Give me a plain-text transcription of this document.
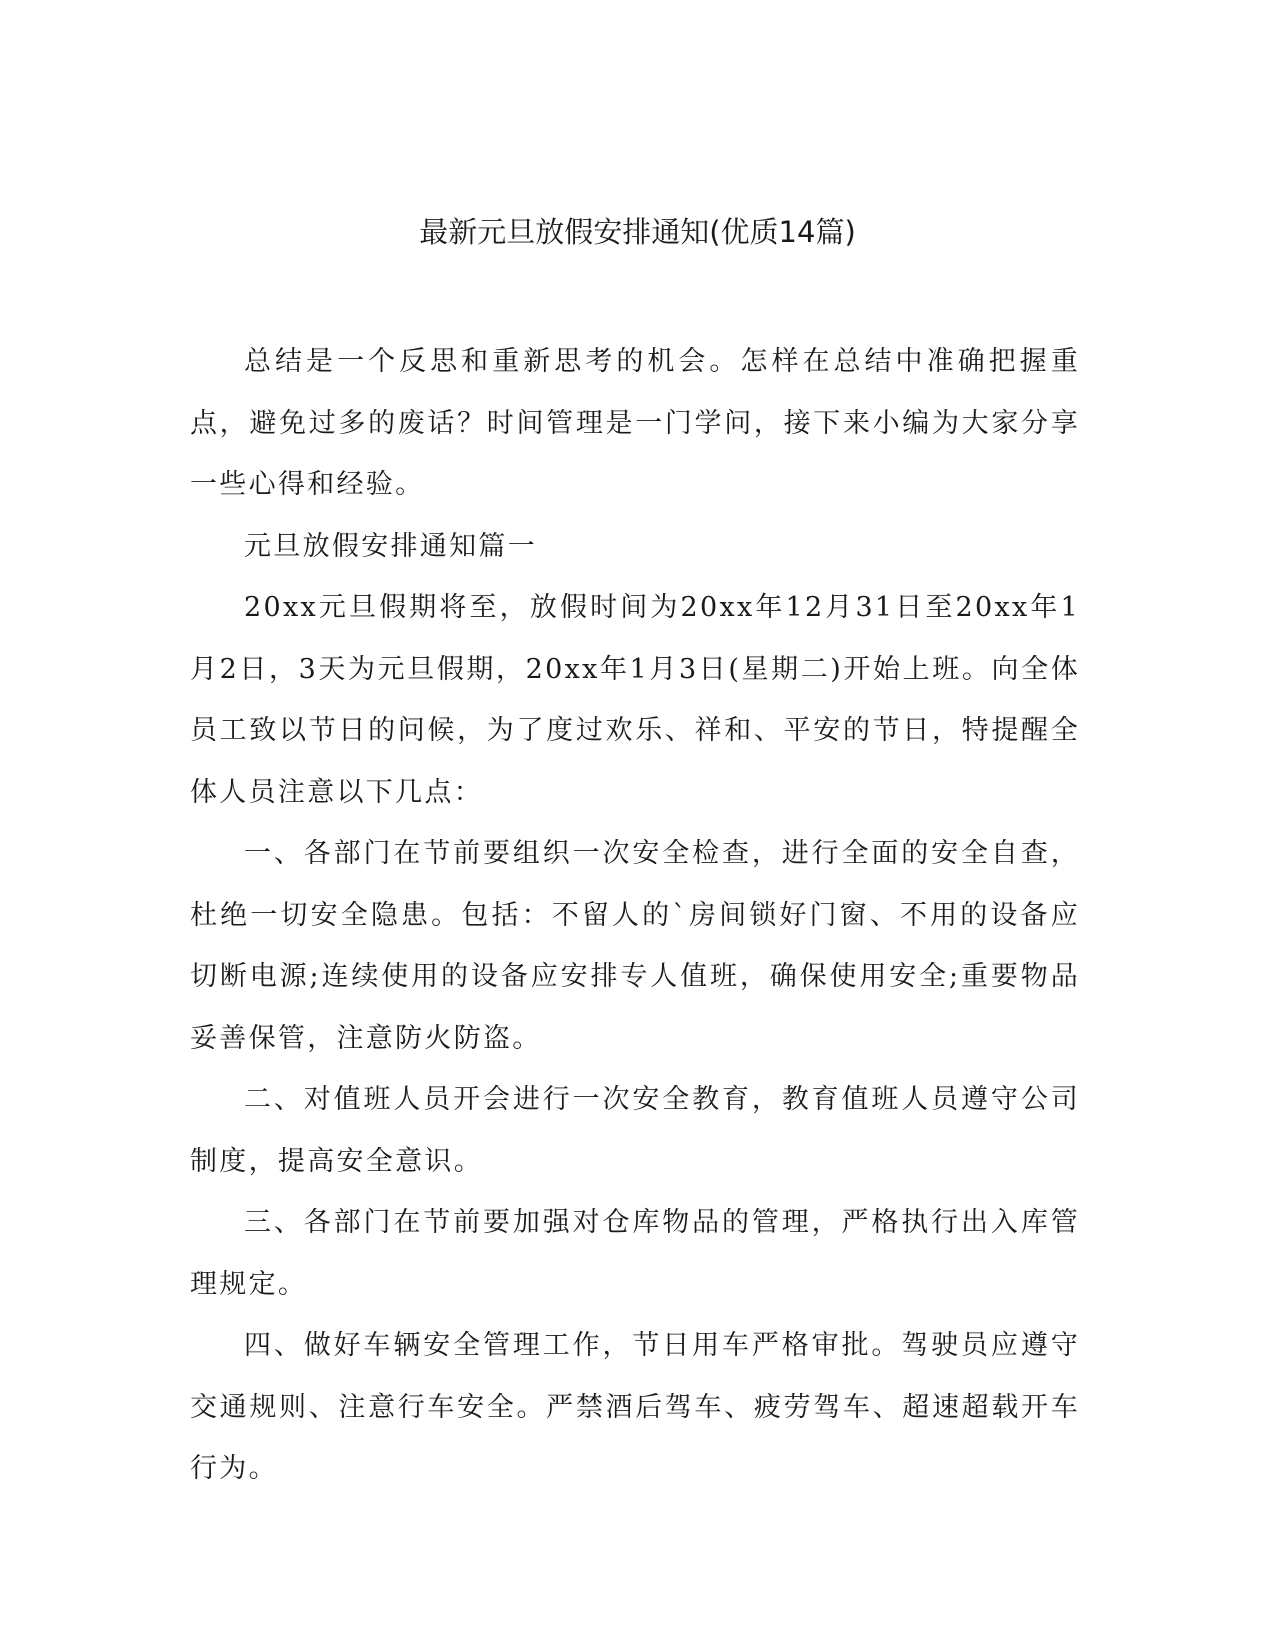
最新元旦放假安排通知(优质14篇)

总结是一个反思和重新思考的机会。怎样在总结中准确把握重点，避免过多的废话？时间管理是一门学问，接下来小编为大家分享一些心得和经验。

元旦放假安排通知篇一

20xx元旦假期将至，放假时间为20xx年12月31日至20xx年1月2日，3天为元旦假期，20xx年1月3日(星期二)开始上班。向全体员工致以节日的问候，为了度过欢乐、祥和、平安的节日，特提醒全体人员注意以下几点：

一、各部门在节前要组织一次安全检查，进行全面的安全自查，杜绝一切安全隐患。包括：不留人的`房间锁好门窗、不用的设备应切断电源;连续使用的设备应安排专人值班，确保使用安全;重要物品妥善保管，注意防火防盗。

二、对值班人员开会进行一次安全教育，教育值班人员遵守公司制度，提高安全意识。

三、各部门在节前要加强对仓库物品的管理，严格执行出入库管理规定。

四、做好车辆安全管理工作，节日用车严格审批。驾驶员应遵守交通规则、注意行车安全。严禁酒后驾车、疲劳驾车、超速超载开车行为。
